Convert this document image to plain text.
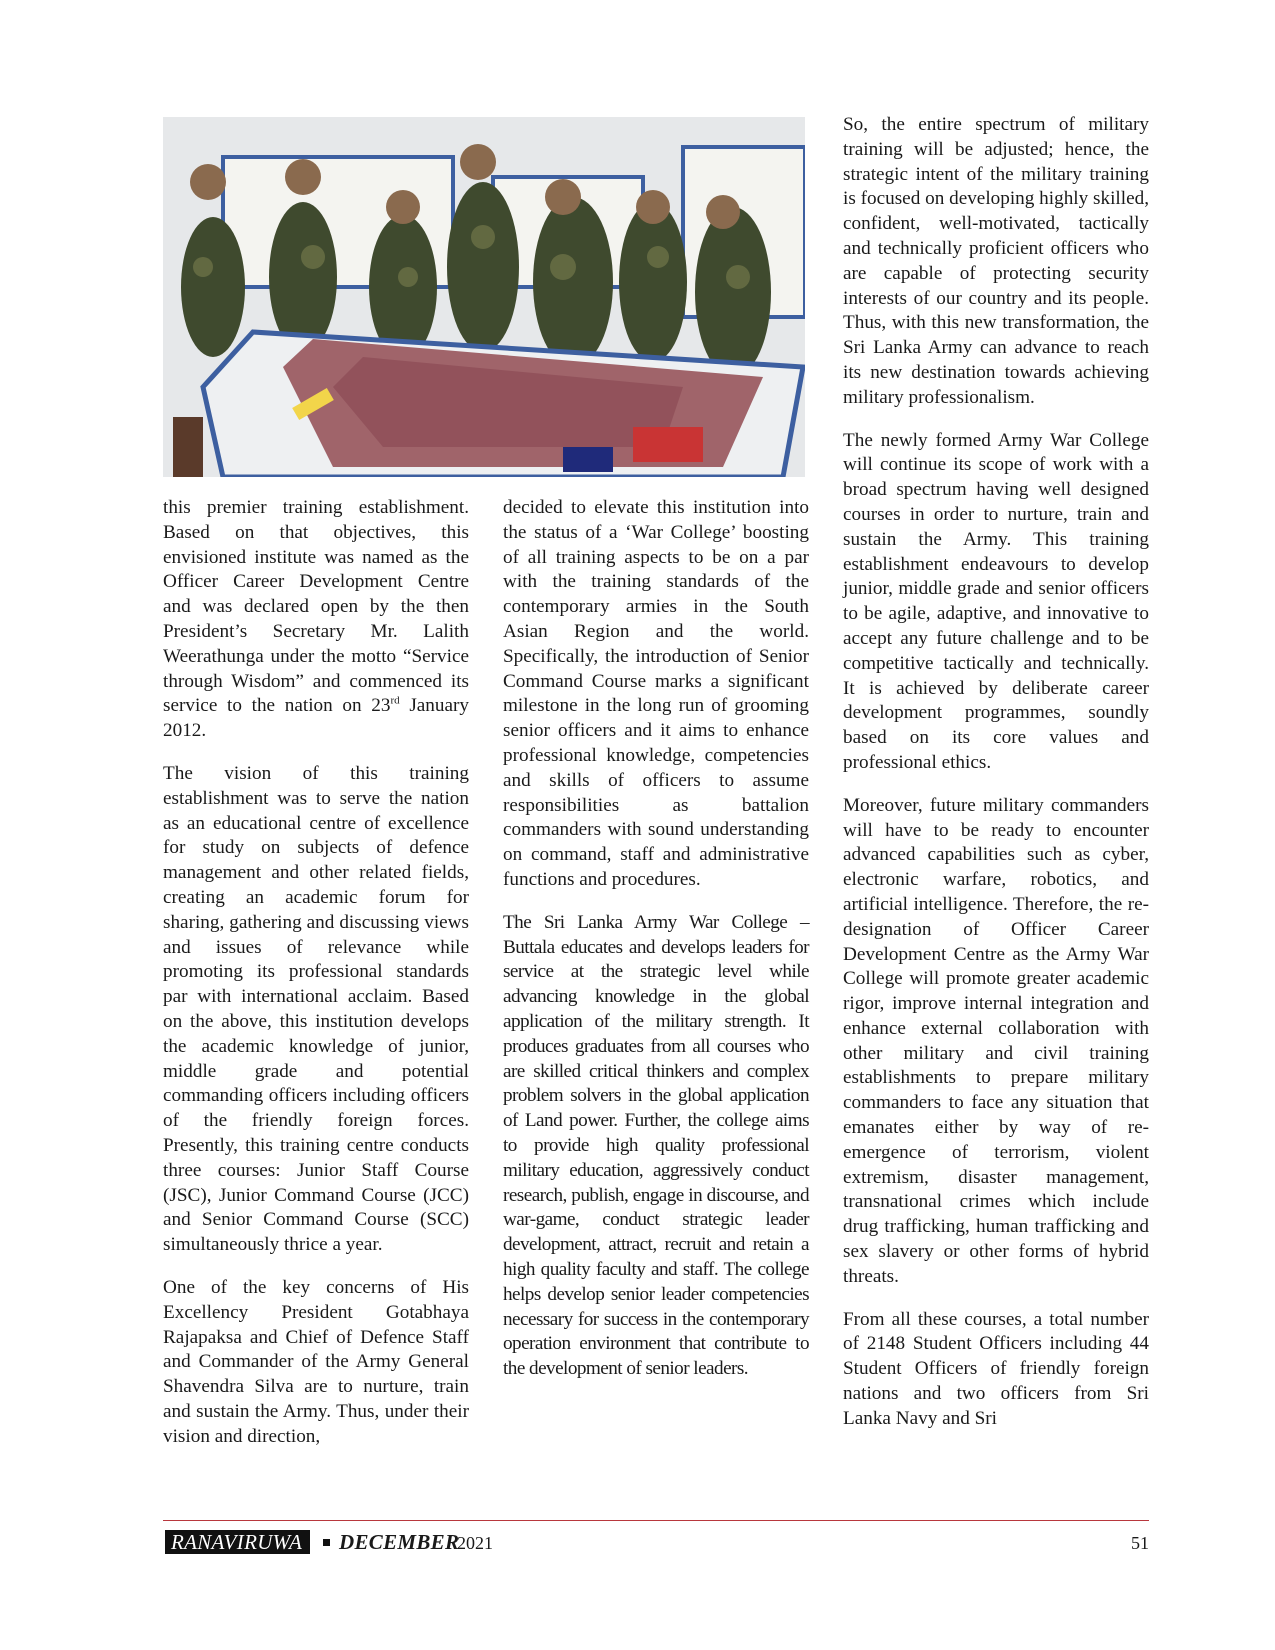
this premier training establishment. Based on that objectives, this envisioned institute was named as the Officer Career Development Centre and was declared open by the then President’s Secretary Mr. Lalith Weerathunga under the motto “Service through Wisdom” and commenced its service to the nation on 23rd January 2012.

The vision of this training establishment was to serve the nation as an educational centre of excellence for study on subjects of defence management and other related fields, creating an academic forum for sharing, gathering and discussing views and issues of relevance while promoting its professional standards par with international acclaim. Based on the above, this institution develops the academic knowledge of junior, middle grade and potential commanding officers including officers of the friendly foreign forces. Presently, this training centre conducts three courses: Junior Staff Course (JSC), Junior Command Course (JCC) and Senior Command Course (SCC) simultaneously thrice a year.

One of the key concerns of His Excellency President Gotabhaya Rajapaksa and Chief of Defence Staff and Commander of the Army General Shavendra Silva are to nurture, train and sustain the Army. Thus, under their vision and direction,

decided to elevate this institution into the status of a ‘War College’ boosting of all training aspects to be on a par with the training standards of the contemporary armies in the South Asian Region and the world. Specifically, the introduction of Senior Command Course marks a significant milestone in the long run of grooming senior officers and it aims to enhance professional knowledge, competencies and skills of officers to assume responsibilities as battalion commanders with sound understanding on command, staff and administrative functions and procedures.

The Sri Lanka Army War College – Buttala educates and develops leaders for service at the strategic level while advancing knowledge in the global application of the military strength. It produces graduates from all courses who are skilled critical thinkers and complex problem solvers in the global application of Land power. Further, the college aims to provide high quality professional military education, aggressively conduct research, publish, engage in discourse, and war-game, conduct strategic leader development, attract, recruit and retain a high quality faculty and staff. The college helps develop senior leader competencies necessary for success in the contemporary operation environment that contribute to the development of senior leaders.

So, the entire spectrum of military training will be adjusted; hence, the strategic intent of the military training is focused on developing highly skilled, confident, well-motivated, tactically and technically proficient officers who are capable of protecting security interests of our country and its people. Thus, with this new transformation, the Sri Lanka Army can advance to reach its new destination towards achieving military professionalism.

The newly formed Army War College will continue its scope of work with a broad spectrum having well designed courses in order to nurture, train and sustain the Army. This training establishment endeavours to develop junior, middle grade and senior officers to be agile, adaptive, and innovative to accept any future challenge and to be competitive tactically and technically. It is achieved by deliberate career development programmes, soundly based on its core values and professional ethics.

Moreover, future military commanders will have to be ready to encounter advanced capabilities such as cyber, electronic warfare, robotics, and artificial intelligence. Therefore, the re-designation of Officer Career Development Centre as the Army War College will promote greater academic rigor, improve internal integration and enhance external collaboration with other military and civil training establishments to prepare military commanders to face any situation that emanates either by way of re-emergence of terrorism, violent extremism, disaster management, transnational crimes which include drug trafficking, human trafficking and sex slavery or other forms of hybrid threats.

From all these courses, a total number of 2148 Student Officers including 44 Student Officers of friendly foreign nations and two officers from Sri Lanka Navy and Sri

RANAVIRUWA	DECEMBER
2021	51
